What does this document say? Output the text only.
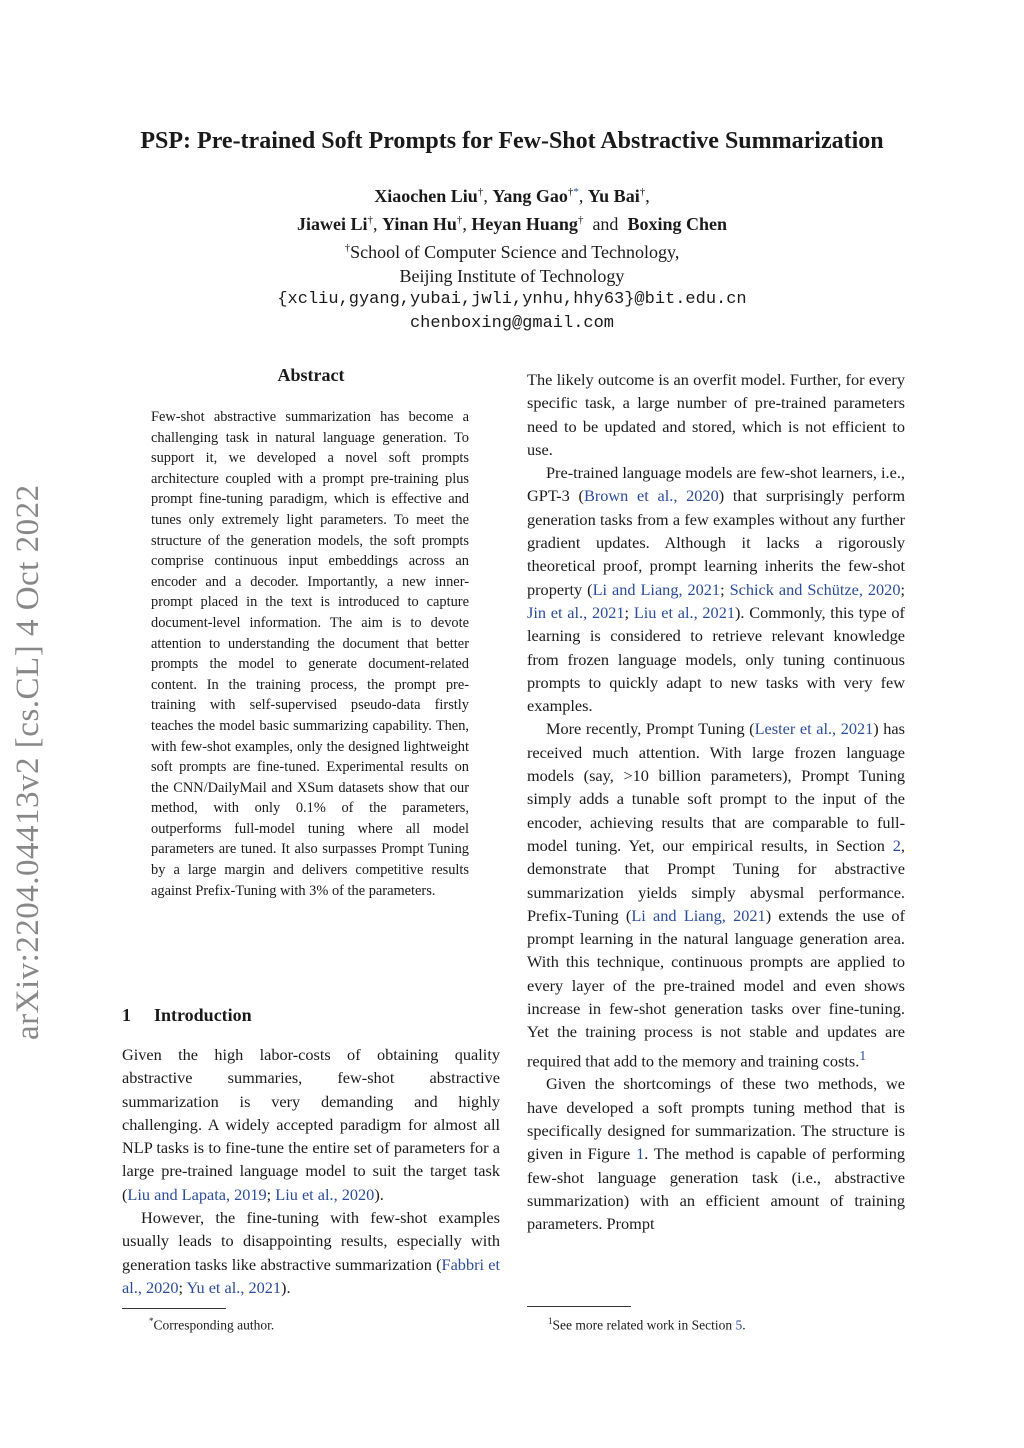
arXiv:2204.04413v2 [cs.CL] 4 Oct 2022
PSP: Pre-trained Soft Prompts for Few-Shot Abstractive Summarization
Xiaochen Liu†, Yang Gao†*, Yu Bai†,
Jiawei Li†, Yinan Hu†, Heyan Huang† and Boxing Chen
†School of Computer Science and Technology,
Beijing Institute of Technology
{xcliu,gyang,yubai,jwli,ynhu,hhy63}@bit.edu.cn
chenboxing@gmail.com
Abstract
Few-shot abstractive summarization has become a challenging task in natural language generation. To support it, we developed a novel soft prompts architecture coupled with a prompt pre-training plus prompt fine-tuning paradigm, which is effective and tunes only extremely light parameters. To meet the structure of the generation models, the soft prompts comprise continuous input embeddings across an encoder and a decoder. Importantly, a new inner-prompt placed in the text is introduced to capture document-level information. The aim is to devote attention to understanding the document that better prompts the model to generate document-related content. In the training process, the prompt pre-training with self-supervised pseudo-data firstly teaches the model basic summarizing capability. Then, with few-shot examples, only the designed lightweight soft prompts are fine-tuned. Experimental results on the CNN/DailyMail and XSum datasets show that our method, with only 0.1% of the parameters, outperforms full-model tuning where all model parameters are tuned. It also surpasses Prompt Tuning by a large margin and delivers competitive results against Prefix-Tuning with 3% of the parameters.
1 Introduction

Given the high labor-costs of obtaining quality abstractive summaries, few-shot abstractive summarization is very demanding and highly challenging. A widely accepted paradigm for almost all NLP tasks is to fine-tune the entire set of parameters for a large pre-trained language model to suit the target task (Liu and Lapata, 2019; Liu et al., 2020).

However, the fine-tuning with few-shot examples usually leads to disappointing results, especially with generation tasks like abstractive summarization (Fabbri et al., 2020; Yu et al., 2021).

The likely outcome is an overfit model. Further, for every specific task, a large number of pre-trained parameters need to be updated and stored, which is not efficient to use.

Pre-trained language models are few-shot learners, i.e., GPT-3 (Brown et al., 2020) that surprisingly perform generation tasks from a few examples without any further gradient updates. Although it lacks a rigorously theoretical proof, prompt learning inherits the few-shot property (Li and Liang, 2021; Schick and Schütze, 2020; Jin et al., 2021; Liu et al., 2021). Commonly, this type of learning is considered to retrieve relevant knowledge from frozen language models, only tuning continuous prompts to quickly adapt to new tasks with very few examples.

More recently, Prompt Tuning (Lester et al., 2021) has received much attention. With large frozen language models (say, >10 billion parameters), Prompt Tuning simply adds a tunable soft prompt to the input of the encoder, achieving results that are comparable to full-model tuning. Yet, our empirical results, in Section 2, demonstrate that Prompt Tuning for abstractive summarization yields simply abysmal performance. Prefix-Tuning (Li and Liang, 2021) extends the use of prompt learning in the natural language generation area. With this technique, continuous prompts are applied to every layer of the pre-trained model and even shows increase in few-shot generation tasks over fine-tuning. Yet the training process is not stable and updates are required that add to the memory and training costs.$^1$

Given the shortcomings of these two methods, we have developed a soft prompts tuning method that is specifically designed for summarization. The structure is given in Figure 1. The method is capable of performing few-shot language generation task (i.e., abstractive summarization) with an efficient amount of training parameters. Prompt

*Corresponding author.	$^1$See more related work in Section 5.
